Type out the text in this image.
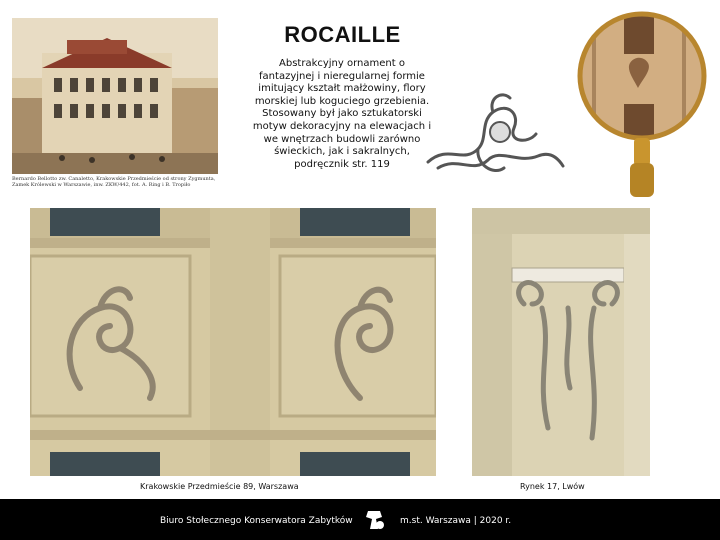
Bernardo Bellotto zw. Canaletto, Krakowskie Przedmieście od strony Zygmunta,
Zamek Królewski w Warszawie, inw. ZKW/442, fot. A. Ring i B. Tropiło
ROCAILLE
Abstrakcyjny ornament o fantazyjnej i nieregularnej formie imitujący kształt małżowiny, flory morskiej lub koguciego grzebienia. Stosowany był jako sztukatorski motyw dekoracyjny na elewacjach i we wnętrzach budowli zarówno świeckich, jak i sakralnych, podręcznik str. 119
Krakowskie Przedmieście 89, Warszawa	Rynek 17, Lwów
Biuro Stołecznego Konserwatora Zabytków	m.st. Warszawa | 2020 r.
